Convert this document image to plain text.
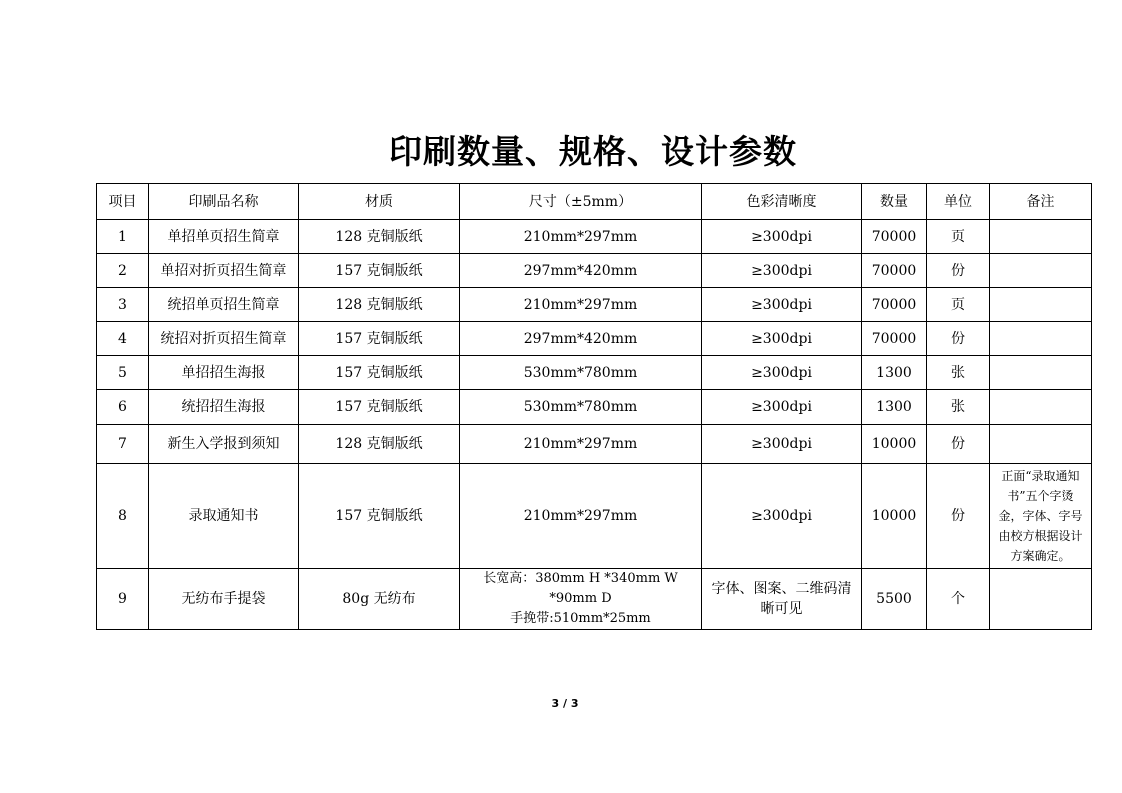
印刷数量、规格、设计参数
项目	印刷品名称	材质	尺寸（±5mm）	色彩清晰度	数量	单位	备注
1	单招单页招生简章	128 克铜版纸	210mm*297mm	≥300dpi	70000	页	
2	单招对折页招生简章	157 克铜版纸	297mm*420mm	≥300dpi	70000	份	
3	统招单页招生简章	128 克铜版纸	210mm*297mm	≥300dpi	70000	页	
4	统招对折页招生简章	157 克铜版纸	297mm*420mm	≥300dpi	70000	份	
5	单招招生海报	157 克铜版纸	530mm*780mm	≥300dpi	1300	张	
6	统招招生海报	157 克铜版纸	530mm*780mm	≥300dpi	1300	张	
7	新生入学报到须知	128 克铜版纸	210mm*297mm	≥300dpi	10000	份	
8	录取通知书	157 克铜版纸	210mm*297mm	≥300dpi	10000	份	正面“录取通知书”五个字烫金，字体、字号由校方根据设计方案确定。
9	无纺布手提袋	80g 无纺布	长宽高：380mm H *340mm W *90mm D
手挽带:510mm*25mm	字体、图案、二维码清晰可见	5500	个	
3 / 3
